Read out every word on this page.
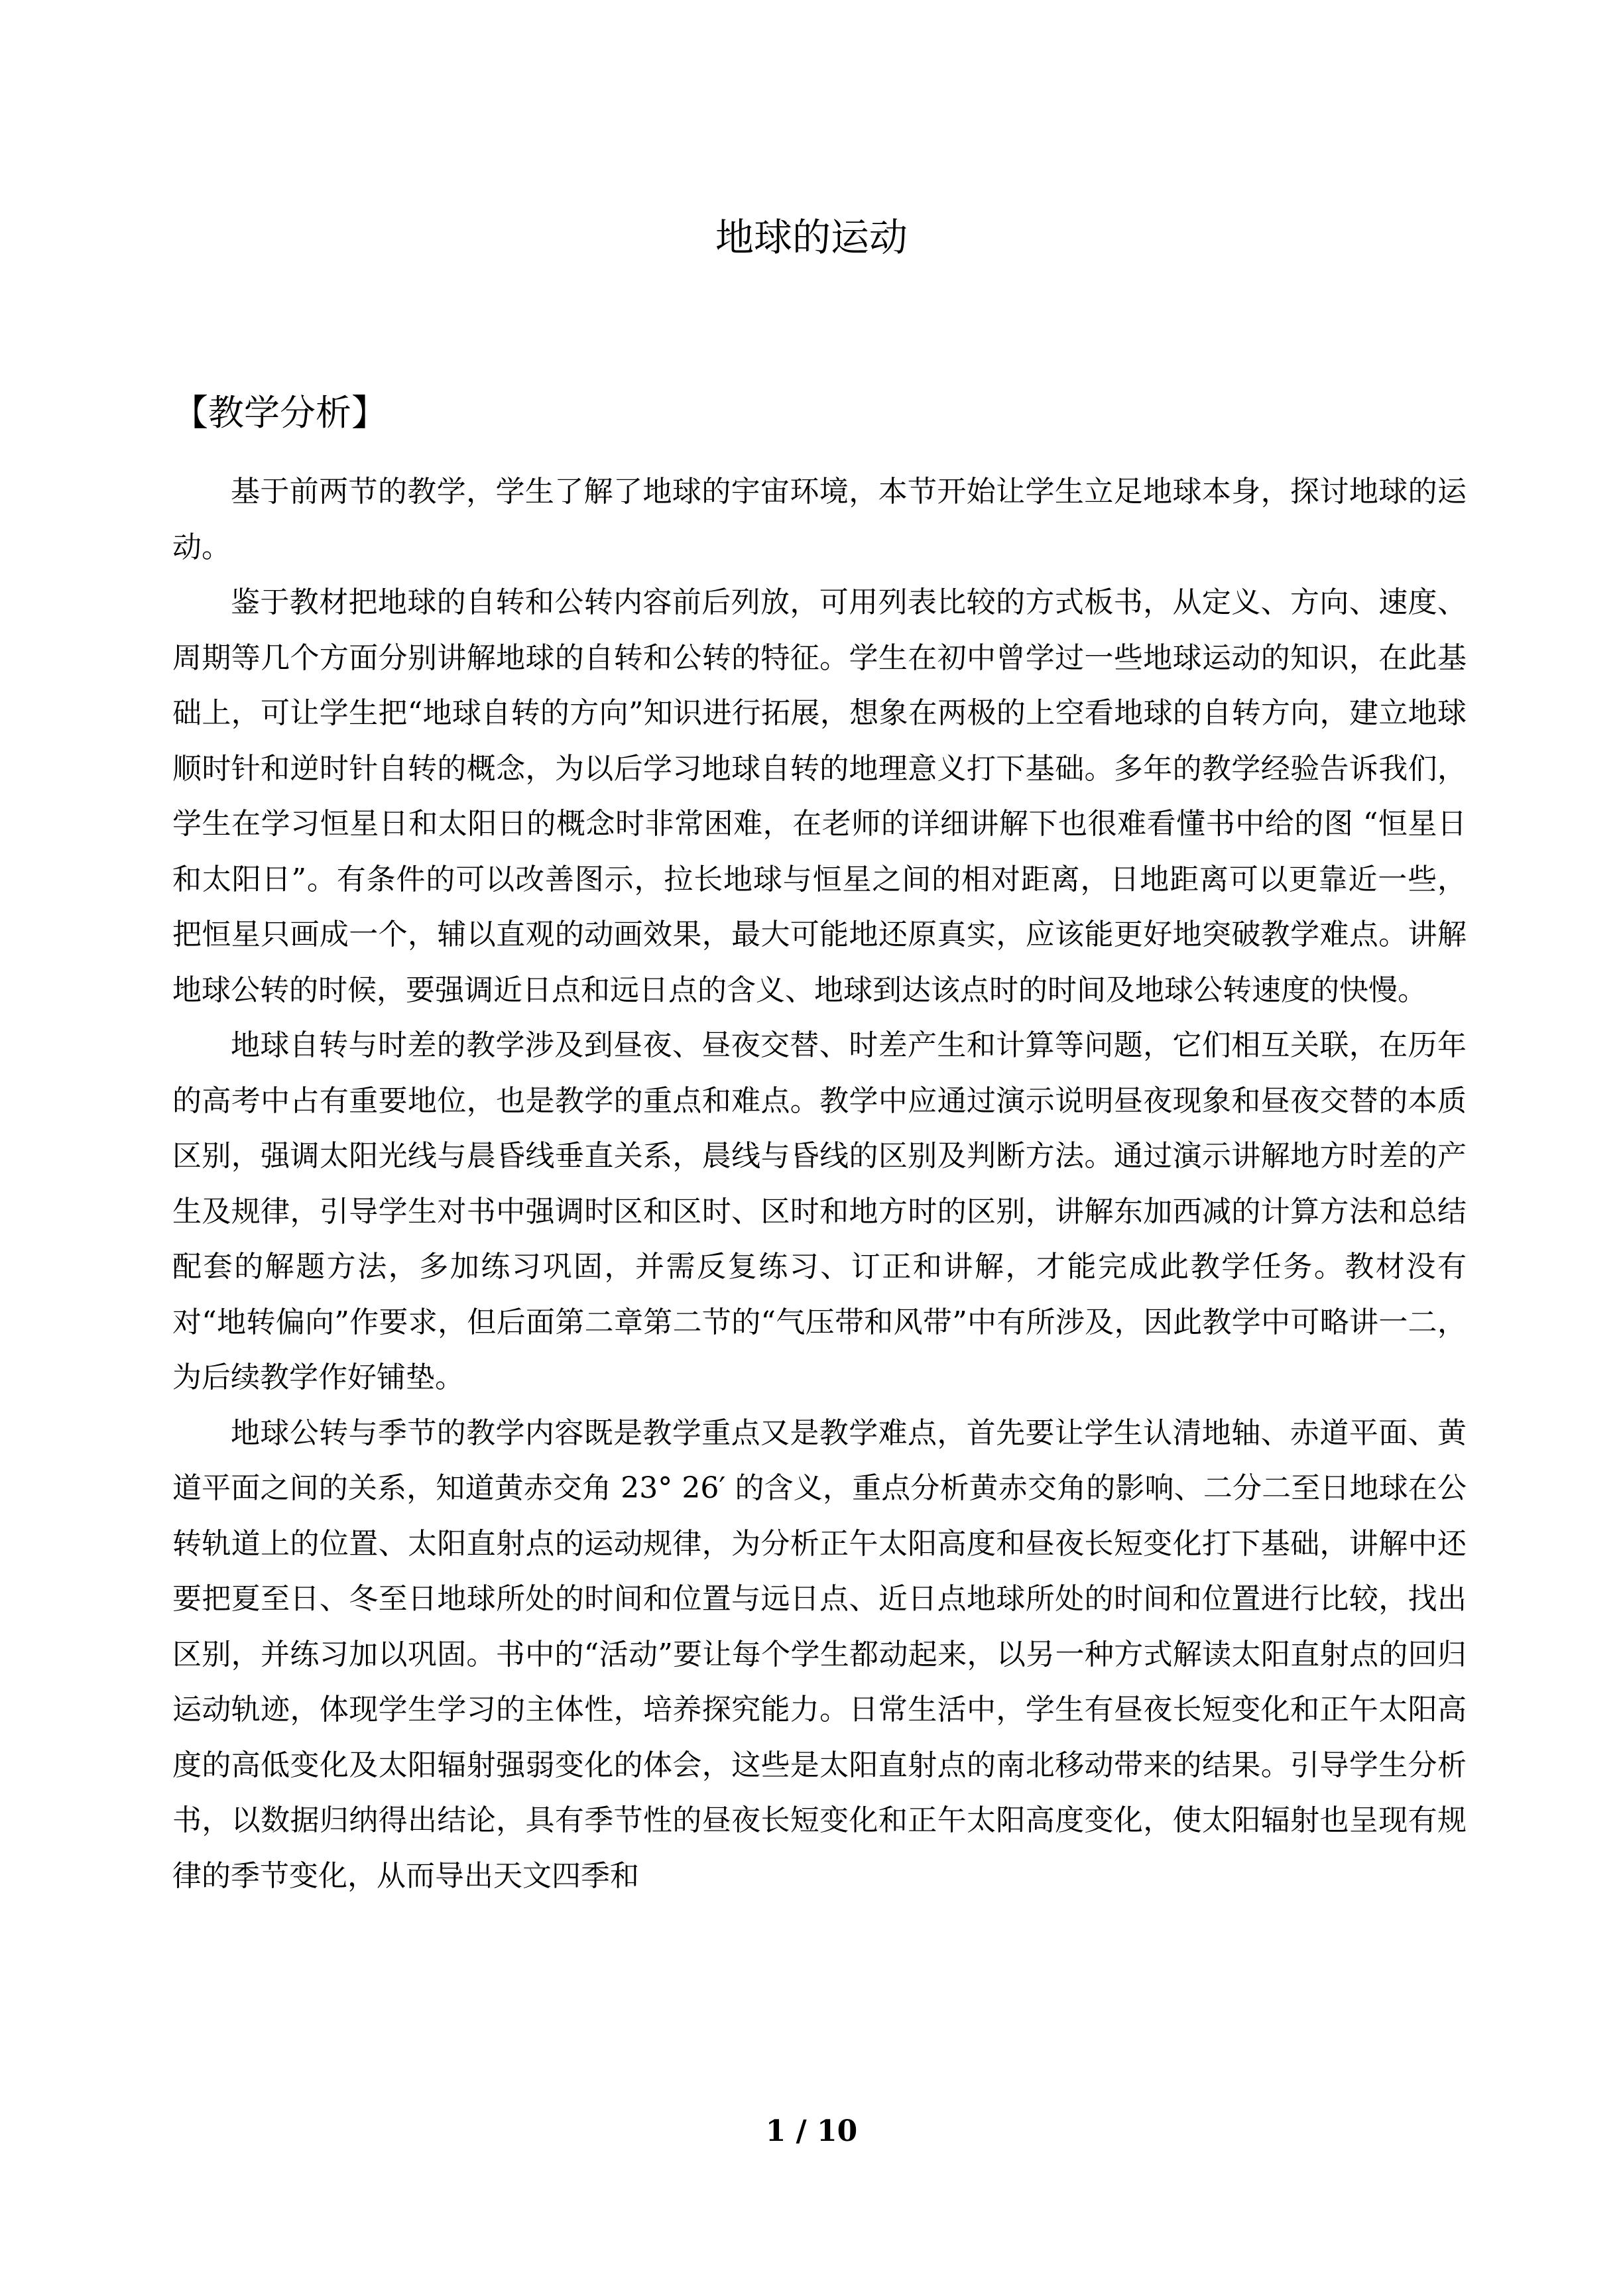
地球的运动
【教学分析】

基于前两节的教学，学生了解了地球的宇宙环境，本节开始让学生立足地球本身，探讨地球的运动。

鉴于教材把地球的自转和公转内容前后列放，可用列表比较的方式板书，从定义、方向、速度、周期等几个方面分别讲解地球的自转和公转的特征。学生在初中曾学过一些地球运动的知识，在此基础上，可让学生把“地球自转的方向”知识进行拓展，想象在两极的上空看地球的自转方向，建立地球顺时针和逆时针自转的概念，为以后学习地球自转的地理意义打下基础。多年的教学经验告诉我们，学生在学习恒星日和太阳日的概念时非常困难，在老师的详细讲解下也很难看懂书中给的图 “恒星日和太阳日”。有条件的可以改善图示，拉长地球与恒星之间的相对距离，日地距离可以更靠近一些，把恒星只画成一个，辅以直观的动画效果，最大可能地还原真实，应该能更好地突破教学难点。讲解地球公转的时候，要强调近日点和远日点的含义、地球到达该点时的时间及地球公转速度的快慢。

地球自转与时差的教学涉及到昼夜、昼夜交替、时差产生和计算等问题，它们相互关联，在历年的高考中占有重要地位，也是教学的重点和难点。教学中应通过演示说明昼夜现象和昼夜交替的本质区别，强调太阳光线与晨昏线垂直关系，晨线与昏线的区别及判断方法。通过演示讲解地方时差的产生及规律，引导学生对书中强调时区和区时、区时和地方时的区别，讲解东加西减的计算方法和总结配套的解题方法，多加练习巩固，并需反复练习、订正和讲解，才能完成此教学任务。教材没有对“地转偏向”作要求，但后面第二章第二节的“气压带和风带”中有所涉及，因此教学中可略讲一二，为后续教学作好铺垫。

地球公转与季节的教学内容既是教学重点又是教学难点，首先要让学生认清地轴、赤道平面、黄道平面之间的关系，知道黄赤交角 23° 26′ 的含义，重点分析黄赤交角的影响、二分二至日地球在公转轨道上的位置、太阳直射点的运动规律，为分析正午太阳高度和昼夜长短变化打下基础，讲解中还要把夏至日、冬至日地球所处的时间和位置与远日点、近日点地球所处的时间和位置进行比较，找出区别，并练习加以巩固。书中的“活动”要让每个学生都动起来，以另一种方式解读太阳直射点的回归运动轨迹，体现学生学习的主体性，培养探究能力。日常生活中，学生有昼夜长短变化和正午太阳高度的高低变化及太阳辐射强弱变化的体会，这些是太阳直射点的南北移动带来的结果。引导学生分析书，以数据归纳得出结论，具有季节性的昼夜长短变化和正午太阳高度变化，使太阳辐射也呈现有规律的季节变化，从而导出天文四季和

1 / 10
